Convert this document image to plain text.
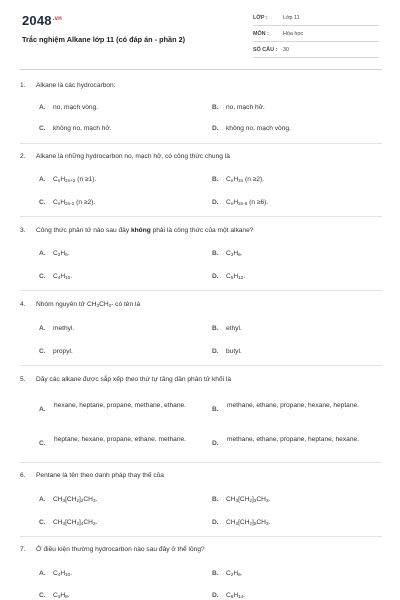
$2048^{.vn}$
Trắc nghiệm Alkane lớp 11 (có đáp án - phần 2)
LỚP :	Lớp 11
MÔN :	Hóa học
SỐ CÂU : 30
1. Alkane là các hydrocarbon:
A. no, mạch vòng.	B. no, mạch hở.
C. không no, mạch hở.	D. không no, mạch vòng.
2. Alkane là những hydrocarbon no, mạch hở, có công thức chung là
A. $C_nH_{2n+2}$ (n ≥1).	B. $C_nH_{2n}$ (n ≥2).
C. $C_nH_{2n-2}$ (n ≥2).	D. $C_nH_{2n-6}$ (n ≥6).
3. Công thức phân tử nào sau đây không phải là công thức của một alkane?
A. $C_2H_6$.	B. $C_3H_6$.
C. $C_4H_{10}$.	D. $C_5H_{12}$.
4. Nhóm nguyên tử $CH_3CH_2-$ có tên là
A. methyl.	B. ethyl.
C. propyl.	D. butyl.
5. Dãy các alkane được sắp xếp theo thứ tự tăng dần phân tử khối là
A.
hexane, heptane, propane, methane, ethane.
B.
methane, ethane, propane, hexane, heptane.
C.
heptane, hexane, propane, ethane, methane.
D.
methane, ethane, propane, heptane, hexane.
6. Pentane là tên theo danh pháp thay thế của
A. $CH_3[CH_2]_2CH_3$.	B. $CH_3[CH_2]_3CH_3$.
C. $CH_3[CH_2]_4CH_3$.	D. $CH_3[CH_2]_5CH_3$.
7. Ở điều kiện thường hydrocarbon nào sau đây ở thể lỏng?
A. $C_4H_{10}$.	B. $C_2H_6$.
C. $C_3H_8$.	D. $C_6H_{14}$.
